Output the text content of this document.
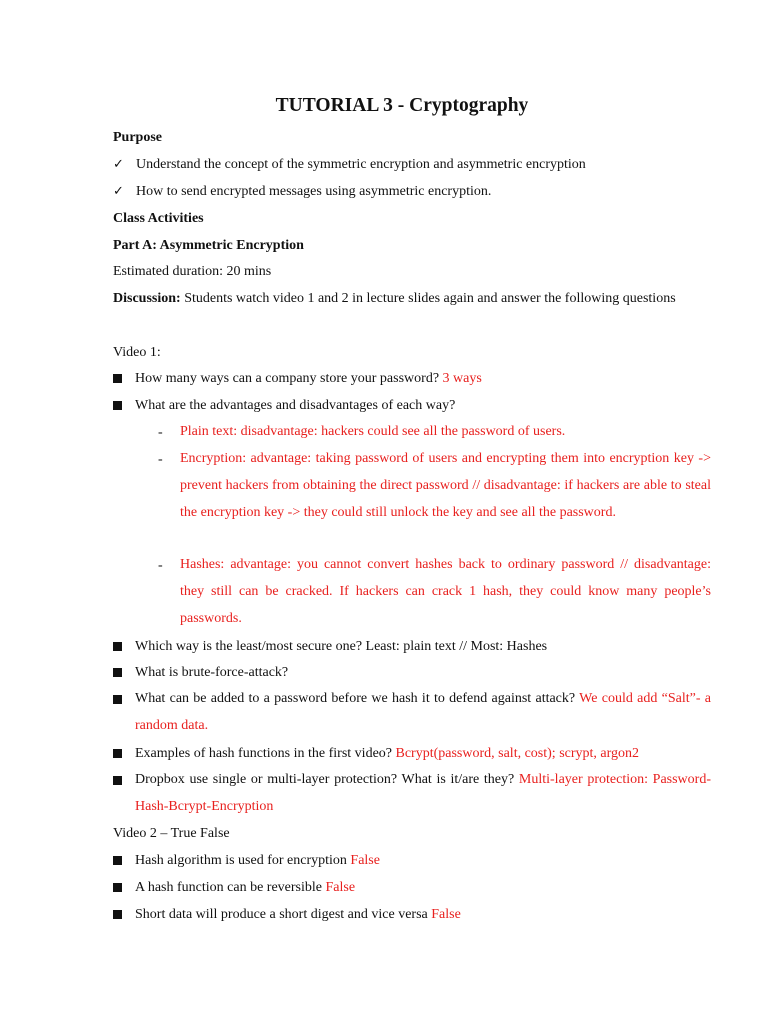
TUTORIAL 3 - Cryptography
Purpose
✓ Understand the concept of the symmetric encryption and asymmetric encryption
✓ How to send encrypted messages using asymmetric encryption.
Class Activities
Part A: Asymmetric Encryption
Estimated duration: 20 mins
Discussion: Students watch video 1 and 2 in lecture slides again and answer the following questions
Video 1:
How many ways can a company store your password? 3 ways
What are the advantages and disadvantages of each way?
- Plain text: disadvantage: hackers could see all the password of users.
- Encryption: advantage: taking password of users and encrypting them into encryption key -> prevent hackers from obtaining the direct password // disadvantage: if hackers are able to steal the encryption key -> they could still unlock the key and see all the password.
- Hashes: advantage: you cannot convert hashes back to ordinary password // disadvantage: they still can be cracked. If hackers can crack 1 hash, they could know many people’s passwords.
Which way is the least/most secure one? Least: plain text // Most: Hashes
What is brute-force-attack?
What can be added to a password before we hash it to defend against attack? We could add “Salt”- a random data.
Examples of hash functions in the first video? Bcrypt(password, salt, cost); scrypt, argon2
Dropbox use single or multi-layer protection? What is it/are they? Multi-layer protection: Password-Hash-Bcrypt-Encryption
Video 2 – True False
Hash algorithm is used for encryption False
A hash function can be reversible False
Short data will produce a short digest and vice versa False
